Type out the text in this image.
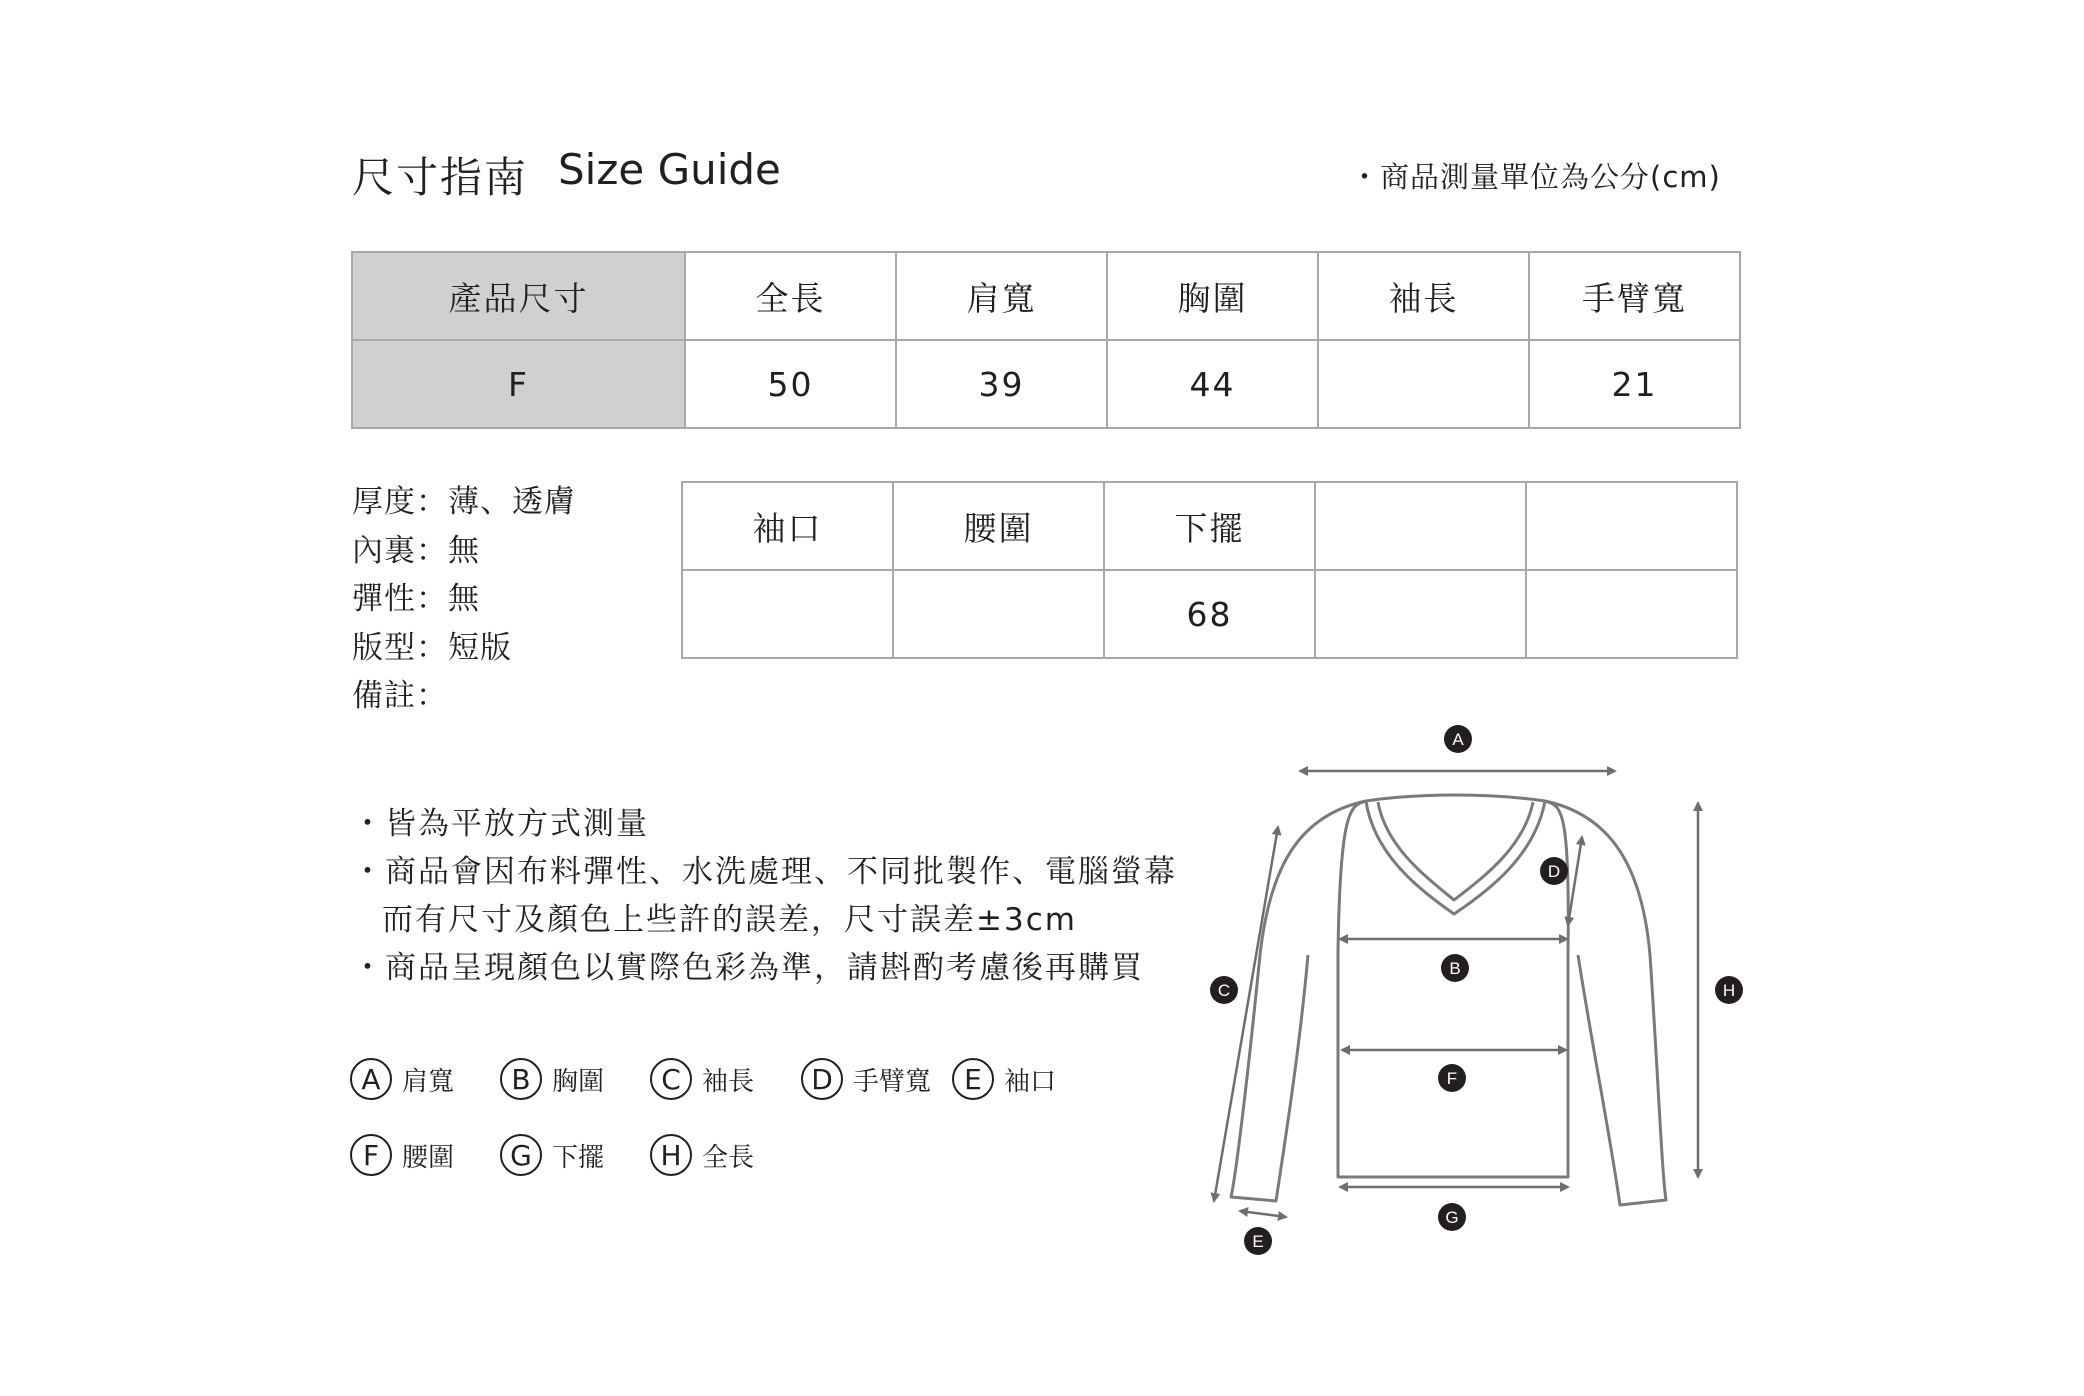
尺寸指南 Size Guide	・商品測量單位為公分(cm)
產品尺寸	全長	肩寬	胸圍	袖長	手臂寬
F	50	39	44		21
厚度：薄、透膚
內裏：無
彈性：無
版型：短版
備註：
袖口	腰圍	下擺		
		68		
・皆為平放方式測量
・商品會因布料彈性、水洗處理、不同批製作、電腦螢幕
而有尺寸及顏色上些許的誤差，尺寸誤差±3cm
・商品呈現顏色以實際色彩為準，請斟酌考慮後再購買
A 肩寬	B 胸圍	C 袖長	D 手臂寬	E 袖口
F 腰圍	G 下擺	H 全長
A
B
C
D
E
F
G
H
